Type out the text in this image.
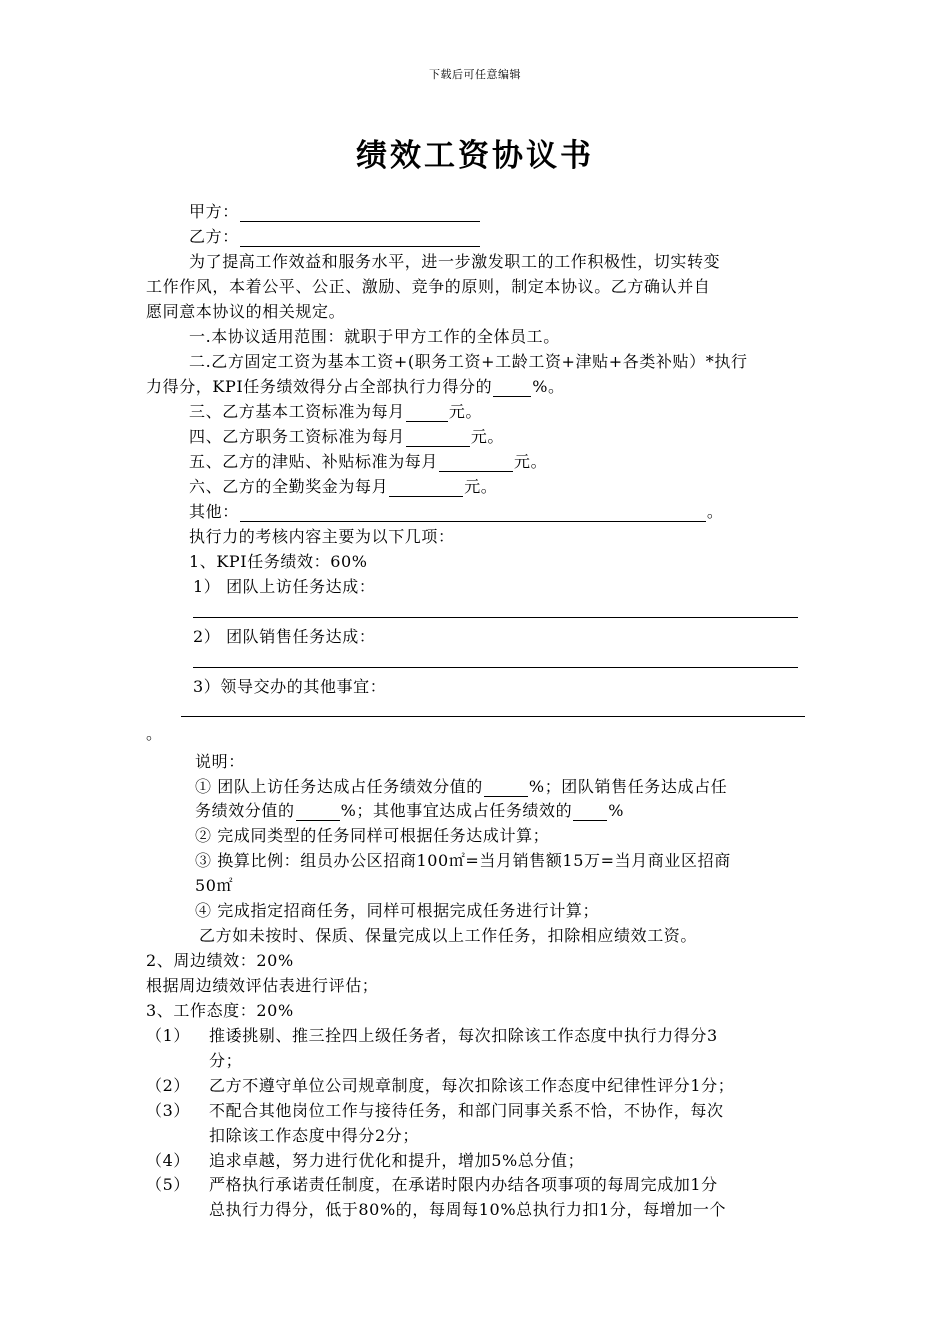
下载后可任意编辑
绩效工资协议书
甲方：
乙方：
为了提高工作效益和服务水平，进一步激发职工的工作积极性，切实转变
工作作风，本着公平、公正、激励、竞争的原则，制定本协议。乙方确认并自
愿同意本协议的相关规定。
一.本协议适用范围：就职于甲方工作的全体员工。
二.乙方固定工资为基本工资+(职务工资+工龄工资+津贴+各类补贴）*执行
力得分，KPI任务绩效得分占全部执行力得分的	%。
三、乙方基本工资标准为每月	元。
四、乙方职务工资标准为每月	元。
五、乙方的津贴、补贴标准为每月	元。
六、乙方的全勤奖金为每月	元。
其他：	。
执行力的考核内容主要为以下几项：
1、KPI任务绩效：60%
1） 团队上访任务达成：
2） 团队销售任务达成：
3）领导交办的其他事宜：
。
说明：
① 团队上访任务达成占任务绩效分值的	%；团队销售任务达成占任
务绩效分值的	%；其他事宜达成占任务绩效的 %
② 完成同类型的任务同样可根据任务达成计算；
③ 换算比例：组员办公区招商100㎡=当月销售额15万=当月商业区招商
50㎡
④ 完成指定招商任务，同样可根据完成任务进行计算；
乙方如未按时、保质、保量完成以上工作任务，扣除相应绩效工资。
2、周边绩效：20%
根据周边绩效评估表进行评估；
3、工作态度：20%
（1） 推诿挑剔、推三拴四上级任务者，每次扣除该工作态度中执行力得分3
分；
（2） 乙方不遵守单位公司规章制度，每次扣除该工作态度中纪律性评分1分；
（3） 不配合其他岗位工作与接待任务，和部门同事关系不恰，不协作，每次
扣除该工作态度中得分2分；
（4） 追求卓越，努力进行优化和提升，增加5%总分值；
（5） 严格执行承诺责任制度，在承诺时限内办结各项事项的每周完成加1分
总执行力得分，低于80%的，每周每10%总执行力扣1分，每增加一个
